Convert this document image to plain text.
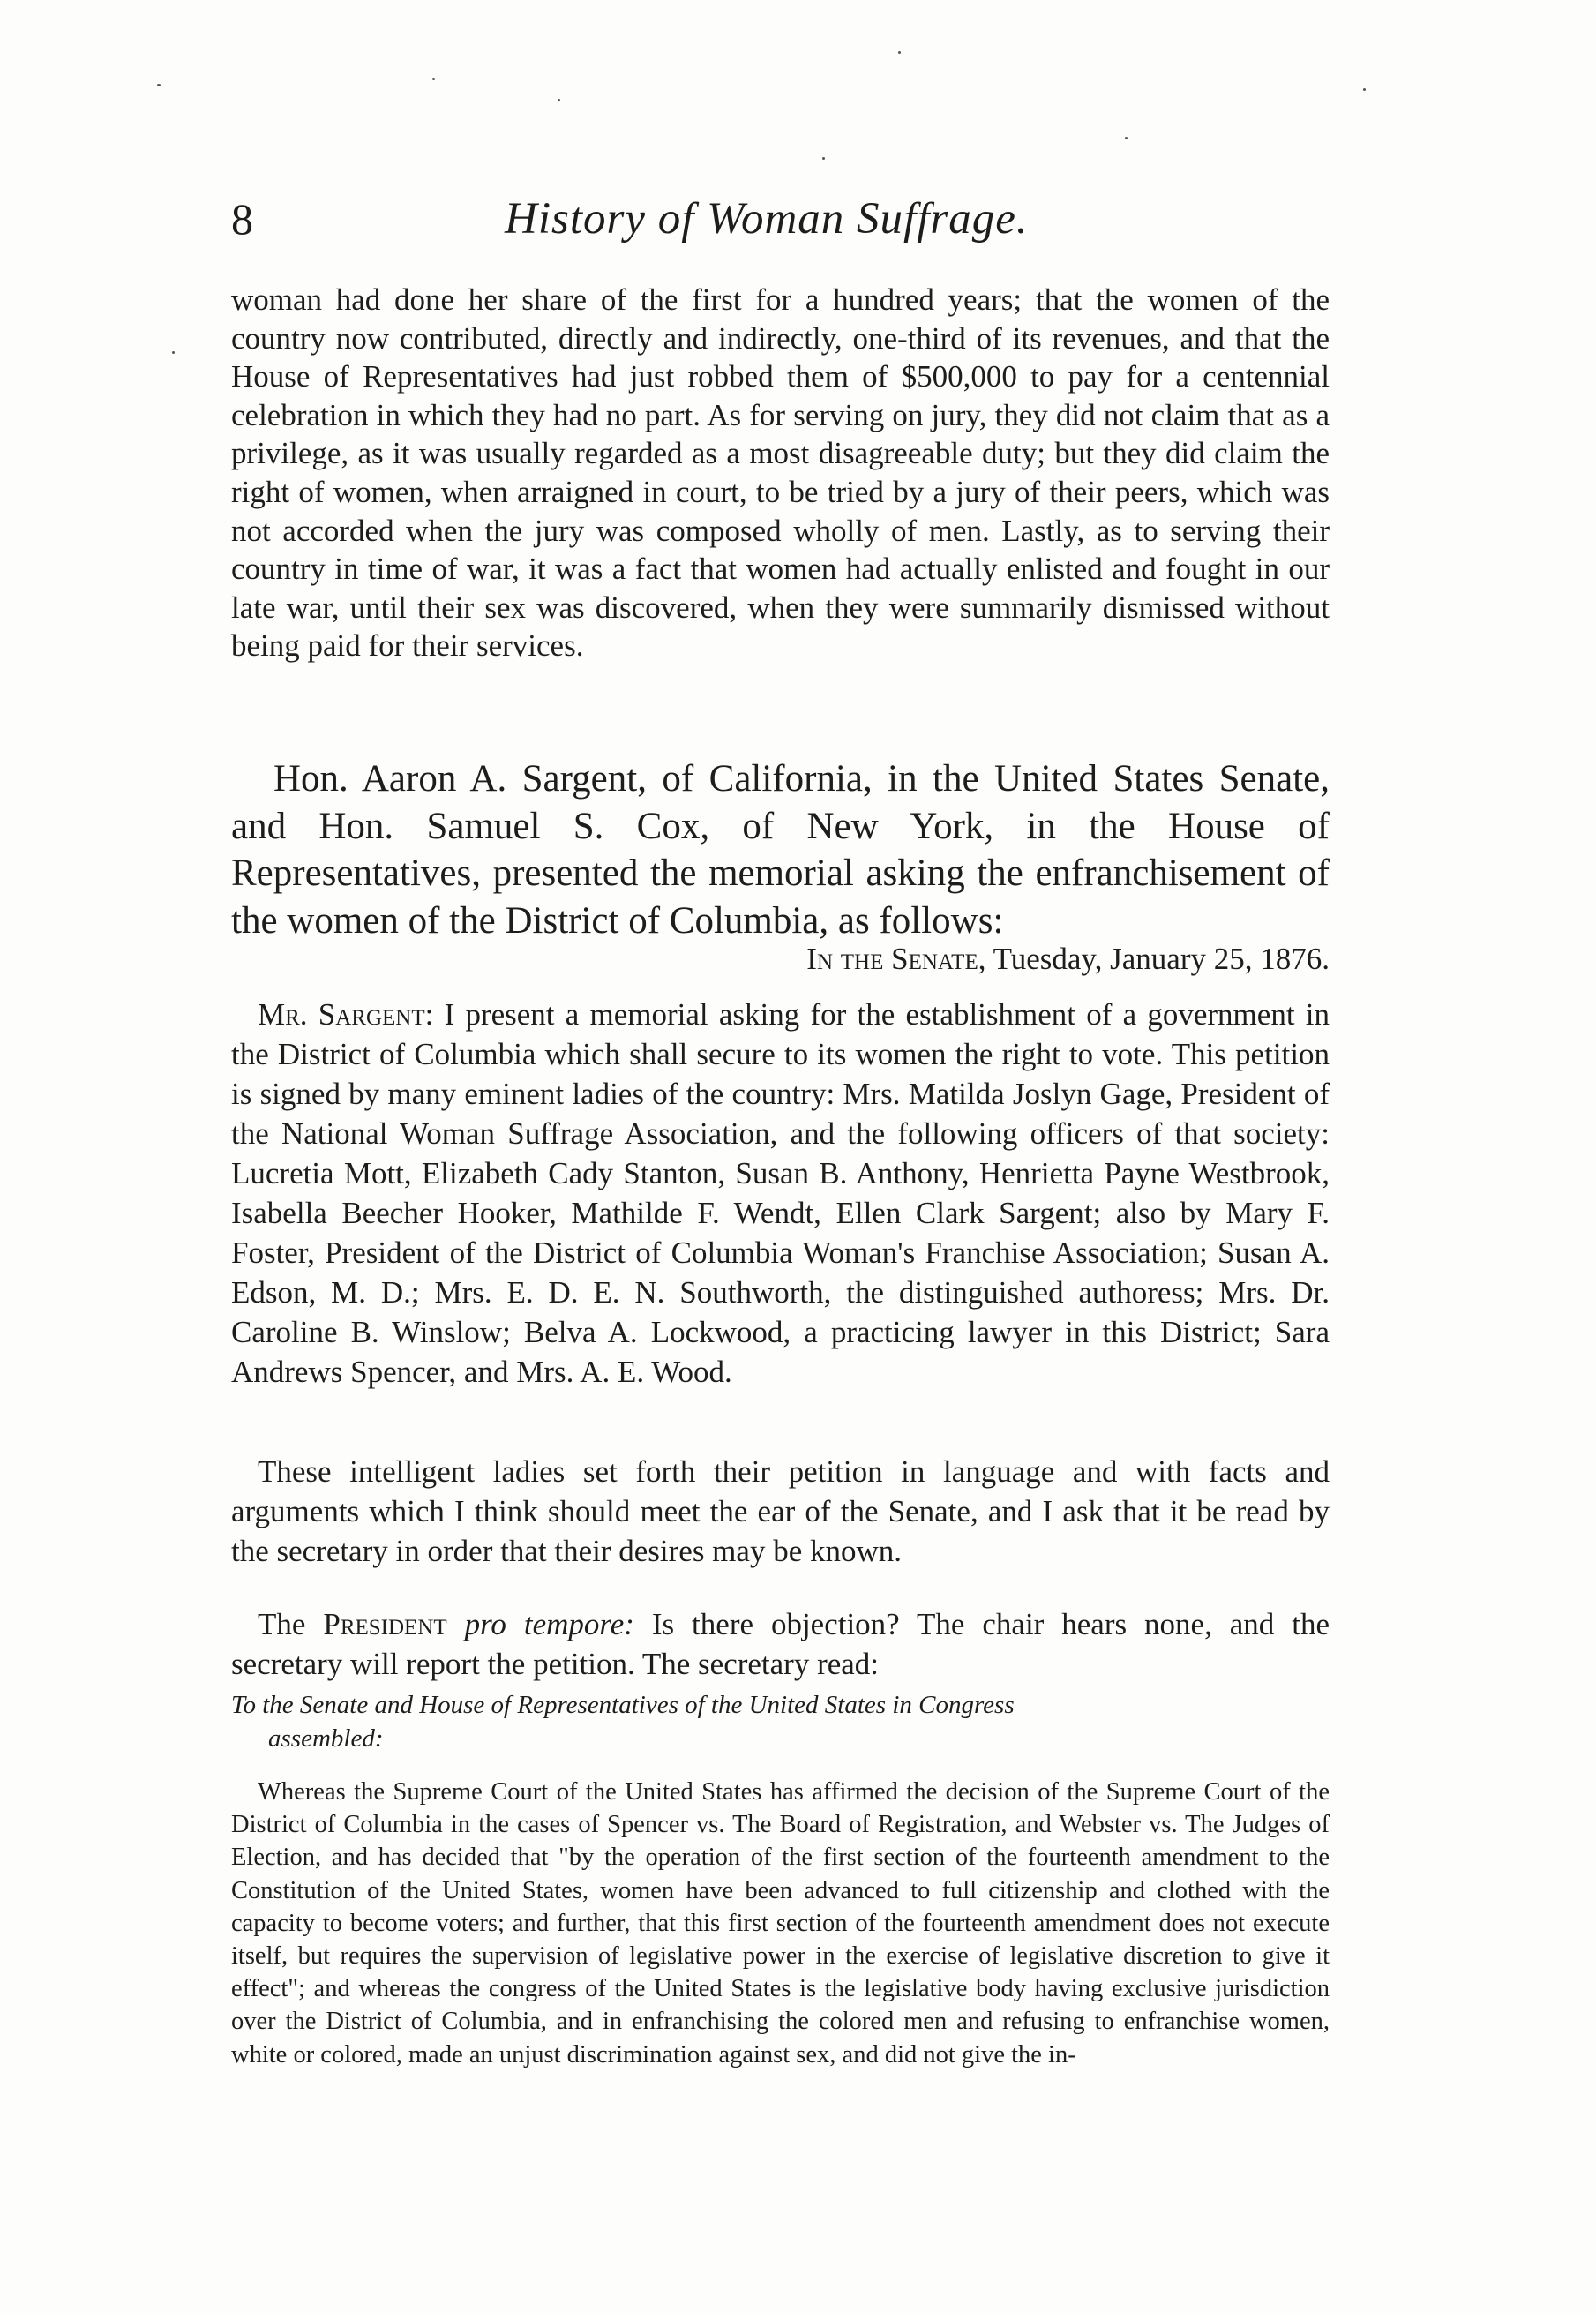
8	History of Woman Suffrage.

woman had done her share of the first for a hundred years; that the women of the country now contributed, directly and indirectly, one-third of its revenues, and that the House of Representatives had just robbed them of $500,000 to pay for a centennial celebration in which they had no part. As for serving on jury, they did not claim that as a privilege, as it was usually regarded as a most disagreeable duty; but they did claim the right of women, when arraigned in court, to be tried by a jury of their peers, which was not accorded when the jury was composed wholly of men. Lastly, as to serving their country in time of war, it was a fact that women had actually enlisted and fought in our late war, until their sex was discovered, when they were summarily dismissed without being paid for their services.

Hon. Aaron A. Sargent, of California, in the United States Senate, and Hon. Samuel S. Cox, of New York, in the House of Representatives, presented the memorial asking the enfranchisement of the women of the District of Columbia, as follows:

In the Senate, Tuesday, January 25, 1876.

Mr. Sargent: I present a memorial asking for the establishment of a government in the District of Columbia which shall secure to its women the right to vote. This petition is signed by many eminent ladies of the country: Mrs. Matilda Joslyn Gage, President of the National Woman Suffrage Association, and the following officers of that society: Lucretia Mott, Elizabeth Cady Stanton, Susan B. Anthony, Henrietta Payne Westbrook, Isabella Beecher Hooker, Mathilde F. Wendt, Ellen Clark Sargent; also by Mary F. Foster, President of the District of Columbia Woman's Franchise Association; Susan A. Edson, M. D.; Mrs. E. D. E. N. Southworth, the distinguished authoress; Mrs. Dr. Caroline B. Winslow; Belva A. Lockwood, a practicing lawyer in this District; Sara Andrews Spencer, and Mrs. A. E. Wood.

These intelligent ladies set forth their petition in language and with facts and arguments which I think should meet the ear of the Senate, and I ask that it be read by the secretary in order that their desires may be known.

The President pro tempore: Is there objection? The chair hears none, and the secretary will report the petition. The secretary read:

To the Senate and House of Representatives of the United States in Congress
assembled:

Whereas the Supreme Court of the United States has affirmed the decision of the Supreme Court of the District of Columbia in the cases of Spencer vs. The Board of Registration, and Webster vs. The Judges of Election, and has decided that "by the operation of the first section of the fourteenth amendment to the Constitution of the United States, women have been advanced to full citizenship and clothed with the capacity to become voters; and further, that this first section of the fourteenth amendment does not execute itself, but requires the supervision of legislative power in the exercise of legislative discretion to give it effect"; and whereas the congress of the United States is the legislative body having exclusive jurisdiction over the District of Columbia, and in enfranchising the colored men and refusing to enfranchise women, white or colored, made an unjust discrimination against sex, and did not give the in-
